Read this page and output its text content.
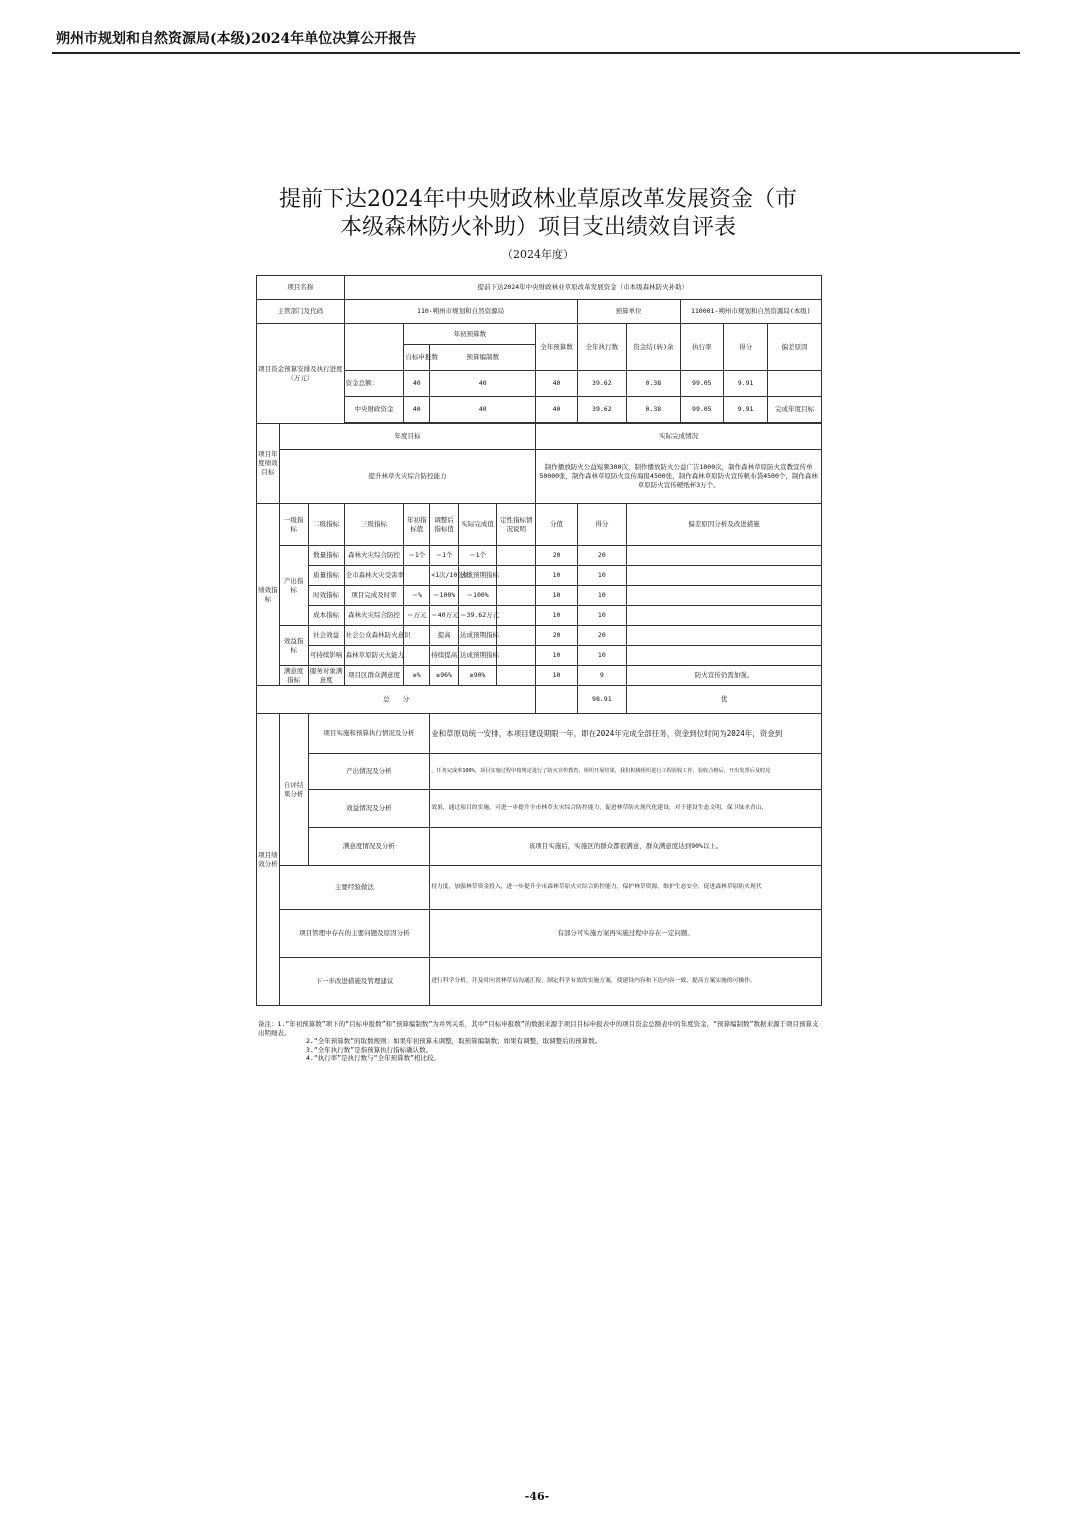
朔州市规划和自然资源局(本级)2024年单位决算公开报告
提前下达2024年中央财政林业草原改革发展资金（市
本级森林防火补助）项目支出绩效自评表
（2024年度）
项目名称			提前下达2024年中央财政林业草原改革发展资金（市本级森林防火补助）										
主管部门及代码			110-朔州市规划和自然资源局						预算单位		110001-朔州市规划和自然资源局(本级)		
项目资金预算安排及执行进度（万元）				年初预算数				全年预算数	全年执行数	资金结(转)余	执行率	得分	偏差原因
				自标申报数	预算编制数								
			资金总额：	40	40			40	39.62	0.38	99.05	9.91	
			中央财政资金	40	40			40	39.62	0.38	99.05	9.91	完成年度目标

项目年度绩效目标	年度目标							实际完成情况					
	提升林草火灾综合防控能力							制作播放防火公益短频300次，制作播放防火公益广告1000次，制作森林草原防火宣教宣传单50000张，制作森林草原防火宣传海报4500张，制作森林草原防火宣传帆布袋4500个，制作森林草原防火宣传硬纸杯3万个。					
绩效指标	一级指标	二级指标	三级指标	年初指标值	调整后指标值	实际完成值	定性指标情况说明	分值	得分	偏差原因分析及改进措施			
	产出指标	数量指标	森林火灾综合防控	＝1个	＝1个	＝1个		20	20				
		质量指标	全市森林火灾受害率		<1次/10公顷	达成预期指标		10	10				
		时效指标	项目完成及时率	＝%	＝100%	＝100%		10	10				
		成本指标	森林火灾综合防控	＝万元	＝40万元	＝39.62万元		10	10				
	效益指标	社会效益	社会公众森林防火意识		提高	达成预期指标		20	20				
		可持续影响	森林草原防灭火能力		持续提高	达成预期指标		10	10				
	满意度指标	服务对象满意度	项目区群众满意度	≥%	≥96%	≥90%		10	9	防火宣传仍需加强。			
总　　分									98.91	优			
项目绩效分析	自评结果分析	项目实施和预算执行情况及分析			业和草原局统一安排，本项目建设期限一年，即在2024年完成全部任务，资金到位时间为2024年，资金到								
		产出情况及分析			，任务完成率100%，项目实施过程中按规定进行了防火宣传教育，组织开展结果，我们积极组织进行工程验收工作，验收合格后，开出发票后及时兑								
		效益情况及分析			效果，通过项目的实施，可进一步提升全市林草火灾综合防控能力，促进林草防火现代化建设，对于建设生态文明，保卫绿水青山，								
		满意度情况及分析			该项目实施后，实施区的群众都很满意，群众满意度达到90%以上。								
	主要经验做法				持力度，加强林草资金投入，进一步提升全市森林草原火灾综合防控能力，保护林草资源，维护生态安全，促进森林草原防火现代								
	项目管理中存在的主要问题及原因分析				有部分可实施方案再实施过程中存在一定问题。								
	下一步改进措施及管理建议				进行科学分析，并及时向省林草局沟通汇报，制定科学有效的实施方案，使建设内容和下达内容一致，提高方案实施的可操作。								
备注：1.“年初预算数”项下的“目标申报数”和“预算编制数”为并列关系，其中“目标申报数”的数据来源于项目目标申报表中的项目资金总额表中的年度资金，“预算编制数”数据来源于项目预算支出明细表。
2.“全年预算数”的取数规则：如果年初预算未调整，取预算编制数；如果有调整，取调整后的预算数。
3.“全年执行数”是指预算执行指标确认数。
4.“执行率”是执行数与“全年预算数”相比较。
-46-
